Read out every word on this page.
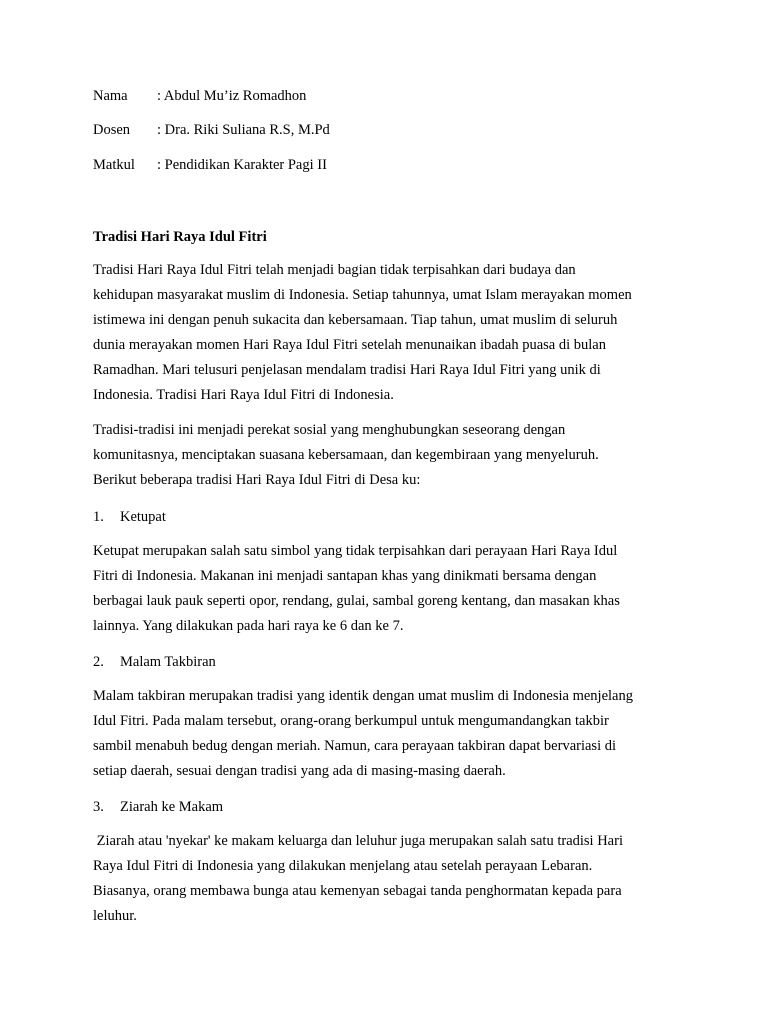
Nama : Abdul Mu’iz Romadhon
Dosen : Dra. Riki Suliana R.S, M.Pd
Matkul : Pendidikan Karakter Pagi II
Tradisi Hari Raya Idul Fitri
Tradisi Hari Raya Idul Fitri telah menjadi bagian tidak terpisahkan dari budaya dan
kehidupan masyarakat muslim di Indonesia. Setiap tahunnya, umat Islam merayakan momen
istimewa ini dengan penuh sukacita dan kebersamaan. Tiap tahun, umat muslim di seluruh
dunia merayakan momen Hari Raya Idul Fitri setelah menunaikan ibadah puasa di bulan
Ramadhan. Mari telusuri penjelasan mendalam tradisi Hari Raya Idul Fitri yang unik di
Indonesia. Tradisi Hari Raya Idul Fitri di Indonesia.
Tradisi-tradisi ini menjadi perekat sosial yang menghubungkan seseorang dengan
komunitasnya, menciptakan suasana kebersamaan, dan kegembiraan yang menyeluruh.
Berikut beberapa tradisi Hari Raya Idul Fitri di Desa ku:
1. Ketupat
Ketupat merupakan salah satu simbol yang tidak terpisahkan dari perayaan Hari Raya Idul
Fitri di Indonesia. Makanan ini menjadi santapan khas yang dinikmati bersama dengan
berbagai lauk pauk seperti opor, rendang, gulai, sambal goreng kentang, dan masakan khas
lainnya. Yang dilakukan pada hari raya ke 6 dan ke 7.
2. Malam Takbiran
Malam takbiran merupakan tradisi yang identik dengan umat muslim di Indonesia menjelang
Idul Fitri. Pada malam tersebut, orang-orang berkumpul untuk mengumandangkan takbir
sambil menabuh bedug dengan meriah. Namun, cara perayaan takbiran dapat bervariasi di
setiap daerah, sesuai dengan tradisi yang ada di masing-masing daerah.
3. Ziarah ke Makam
Ziarah atau 'nyekar' ke makam keluarga dan leluhur juga merupakan salah satu tradisi Hari
Raya Idul Fitri di Indonesia yang dilakukan menjelang atau setelah perayaan Lebaran.
Biasanya, orang membawa bunga atau kemenyan sebagai tanda penghormatan kepada para
leluhur.
